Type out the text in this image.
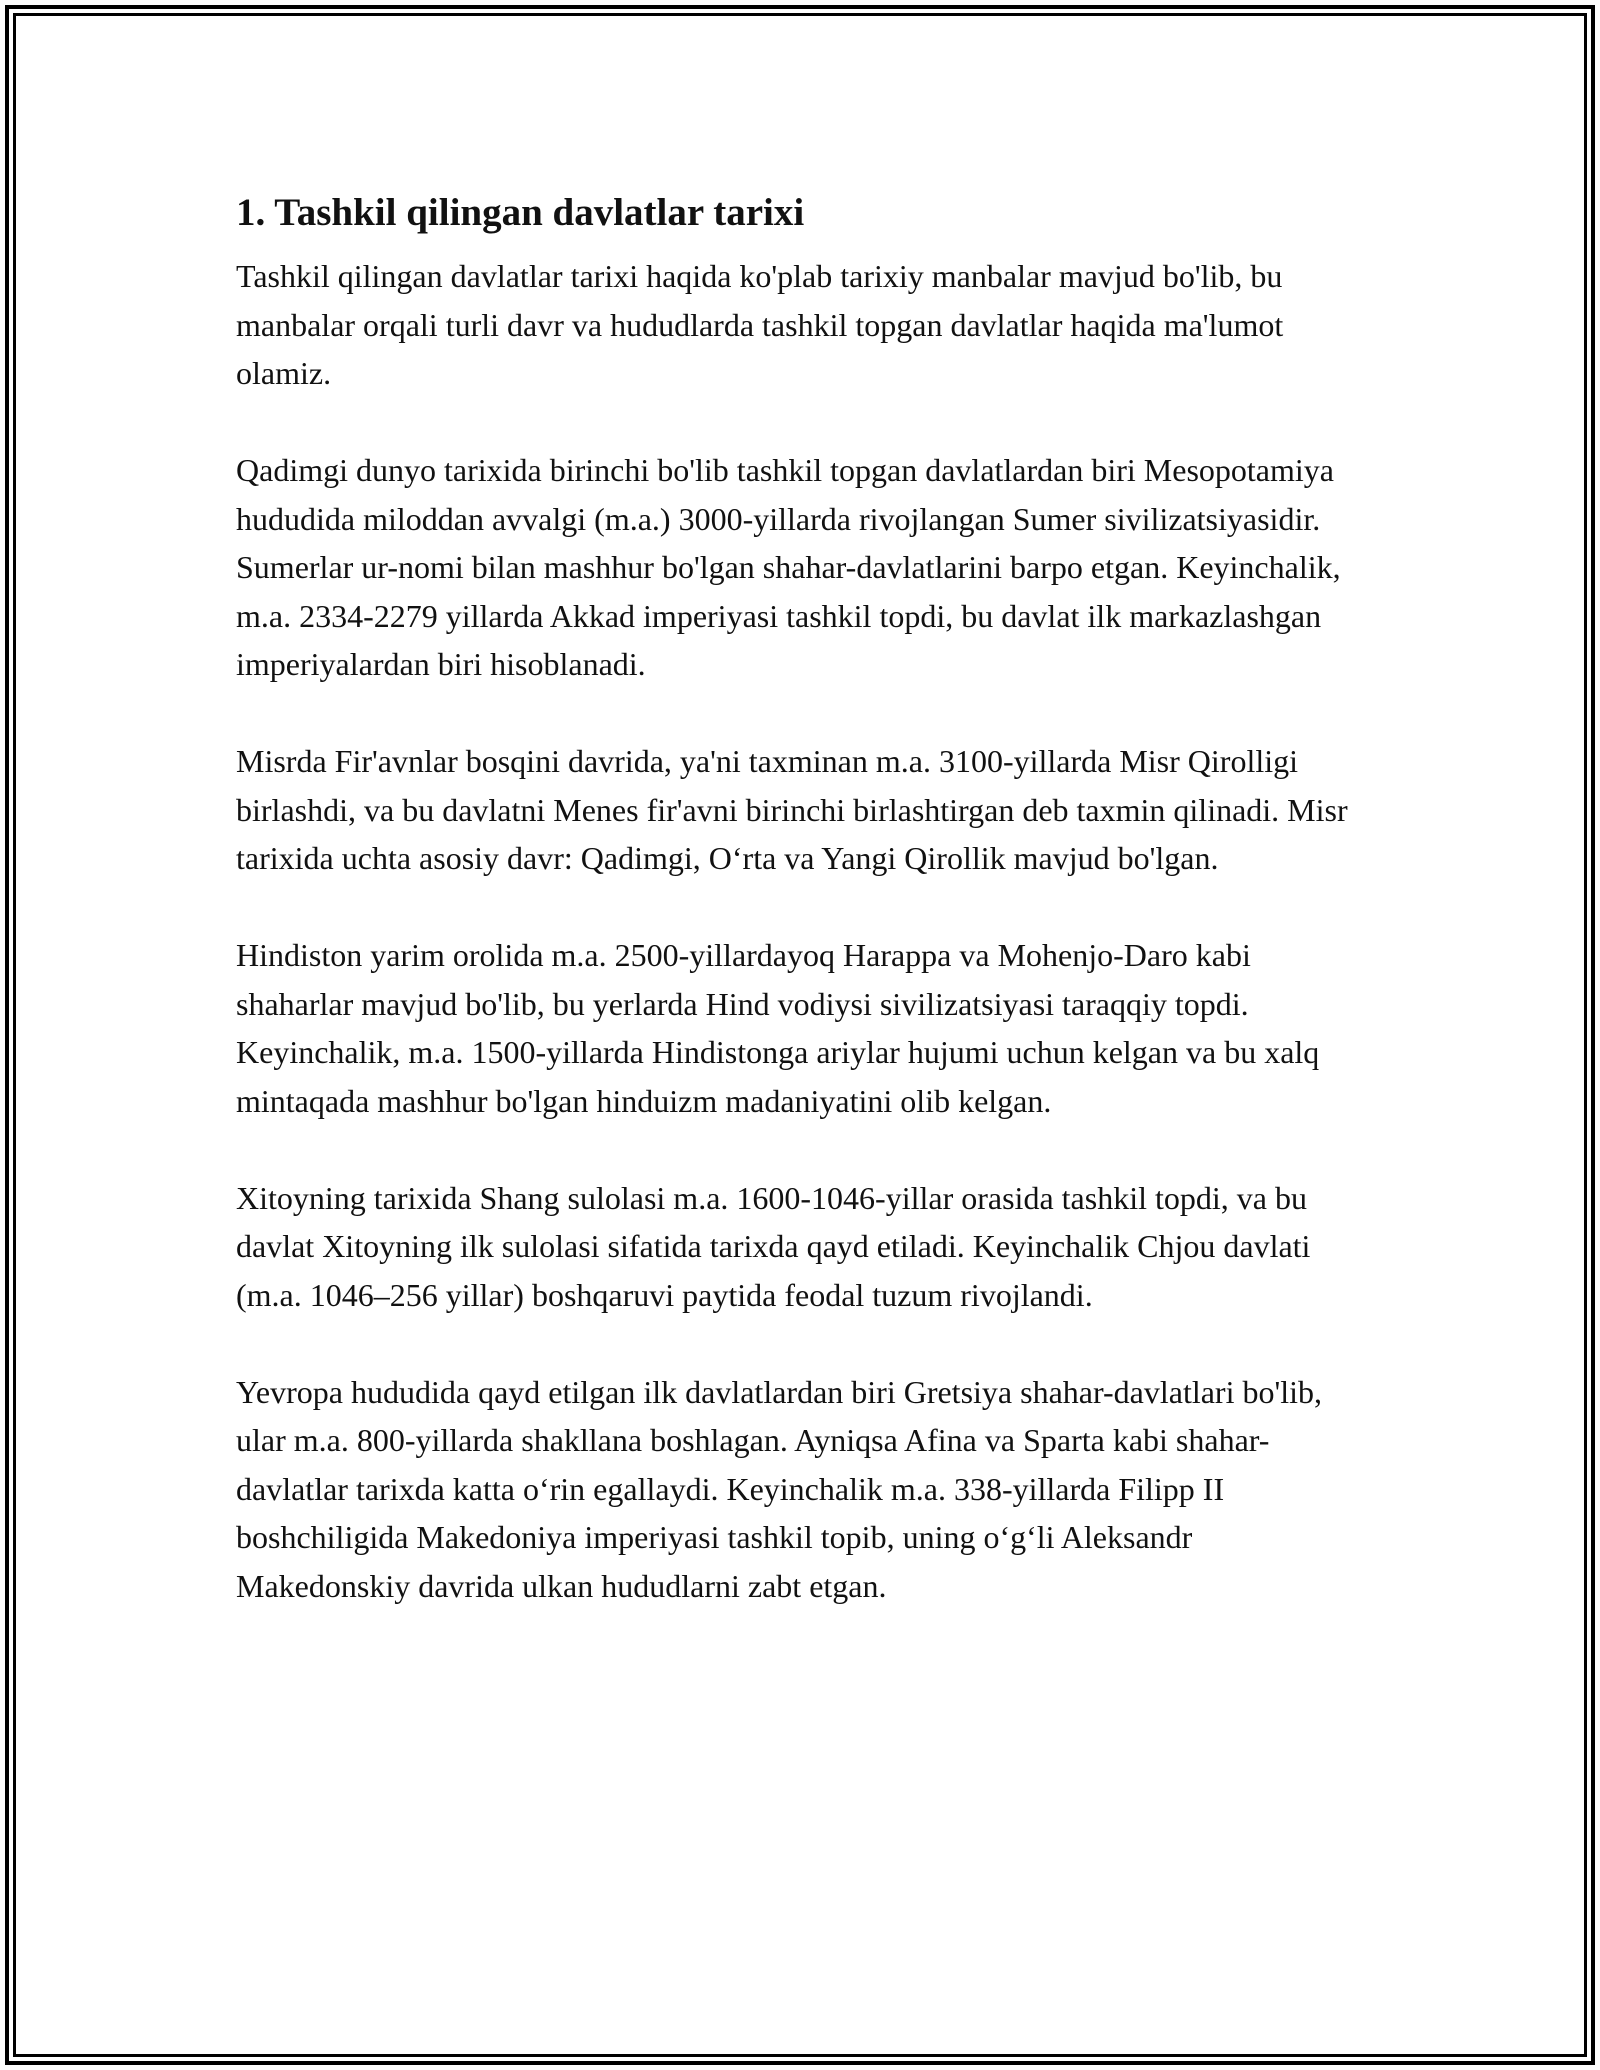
1. Tashkil qilingan davlatlar tarixi

Tashkil qilingan davlatlar tarixi haqida ko'plab tarixiy manbalar mavjud bo'lib, bu manbalar orqali turli davr va hududlarda tashkil topgan davlatlar haqida ma'lumot olamiz.

Qadimgi dunyo tarixida birinchi bo'lib tashkil topgan davlatlardan biri Mesopotamiya hududida miloddan avvalgi (m.a.) 3000-yillarda rivojlangan Sumer sivilizatsiyasidir. Sumerlar ur-nomi bilan mashhur bo'lgan shahar-davlatlarini barpo etgan. Keyinchalik, m.a. 2334-2279 yillarda Akkad imperiyasi tashkil topdi, bu davlat ilk markazlashgan imperiyalardan biri hisoblanadi.

Misrda Fir'avnlar bosqini davrida, ya'ni taxminan m.a. 3100-yillarda Misr Qirolligi birlashdi, va bu davlatni Menes fir'avni birinchi birlashtirgan deb taxmin qilinadi. Misr tarixida uchta asosiy davr: Qadimgi, O‘rta va Yangi Qirollik mavjud bo'lgan.

Hindiston yarim orolida m.a. 2500-yillardayoq Harappa va Mohenjo-Daro kabi shaharlar mavjud bo'lib, bu yerlarda Hind vodiysi sivilizatsiyasi taraqqiy topdi. Keyinchalik, m.a. 1500-yillarda Hindistonga ariylar hujumi uchun kelgan va bu xalq mintaqada mashhur bo'lgan hinduizm madaniyatini olib kelgan.

Xitoyning tarixida Shang sulolasi m.a. 1600-1046-yillar orasida tashkil topdi, va bu davlat Xitoyning ilk sulolasi sifatida tarixda qayd etiladi. Keyinchalik Chjou davlati (m.a. 1046–256 yillar) boshqaruvi paytida feodal tuzum rivojlandi.

Yevropa hududida qayd etilgan ilk davlatlardan biri Gretsiya shahar-davlatlari bo'lib, ular m.a. 800-yillarda shakllana boshlagan. Ayniqsa Afina va Sparta kabi shahar-davlatlar tarixda katta o‘rin egallaydi. Keyinchalik m.a. 338-yillarda Filipp II boshchiligida Makedoniya imperiyasi tashkil topib, uning o‘g‘li Aleksandr Makedonskiy davrida ulkan hududlarni zabt etgan.
